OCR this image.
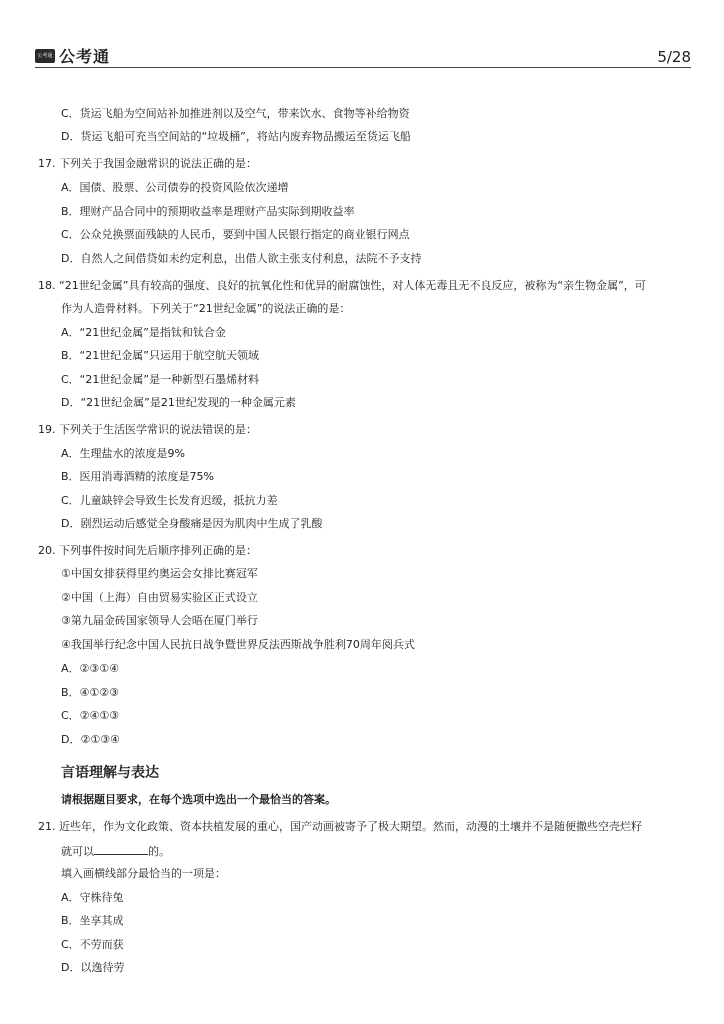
公考通 公考通	5/28
C．货运飞船为空间站补加推进剂以及空气，带来饮水、食物等补给物资
D．货运飞船可充当空间站的“垃圾桶”，将站内废弃物品搬运至货运飞船
17. 下列关于我国金融常识的说法正确的是：
A．国债、股票、公司债券的投资风险依次递增
B．理财产品合同中的预期收益率是理财产品实际到期收益率
C．公众兑换票面残缺的人民币，要到中国人民银行指定的商业银行网点
D．自然人之间借贷如未约定利息，出借人欲主张支付利息，法院不予支持
18. “21世纪金属”具有较高的强度、良好的抗氧化性和优异的耐腐蚀性，对人体无毒且无不良反应，被称为“亲生物金属”，可
作为人造骨材料。下列关于“21世纪金属”的说法正确的是：
A．“21世纪金属”是指钛和钛合金
B．“21世纪金属”只运用于航空航天领域
C．“21世纪金属”是一种新型石墨烯材料
D．“21世纪金属”是21世纪发现的一种金属元素
19. 下列关于生活医学常识的说法错误的是：
A．生理盐水的浓度是9%
B．医用消毒酒精的浓度是75%
C．儿童缺锌会导致生长发育迟缓，抵抗力差
D．剧烈运动后感觉全身酸痛是因为肌肉中生成了乳酸
20. 下列事件按时间先后顺序排列正确的是：
①中国女排获得里约奥运会女排比赛冠军
②中国（上海）自由贸易实验区正式设立
③第九届金砖国家领导人会晤在厦门举行
④我国举行纪念中国人民抗日战争暨世界反法西斯战争胜利70周年阅兵式
A．②③①④
B．④①②③
C．②④①③
D．②①③④
言语理解与表达
请根据题目要求，在每个选项中选出一个最恰当的答案。
21. 近些年，作为文化政策、资本扶植发展的重心，国产动画被寄予了极大期望。然而，动漫的土壤并不是随便撒些空壳烂籽
就可以	的。
填入画横线部分最恰当的一项是：
A．守株待兔
B．坐享其成
C．不劳而获
D．以逸待劳
